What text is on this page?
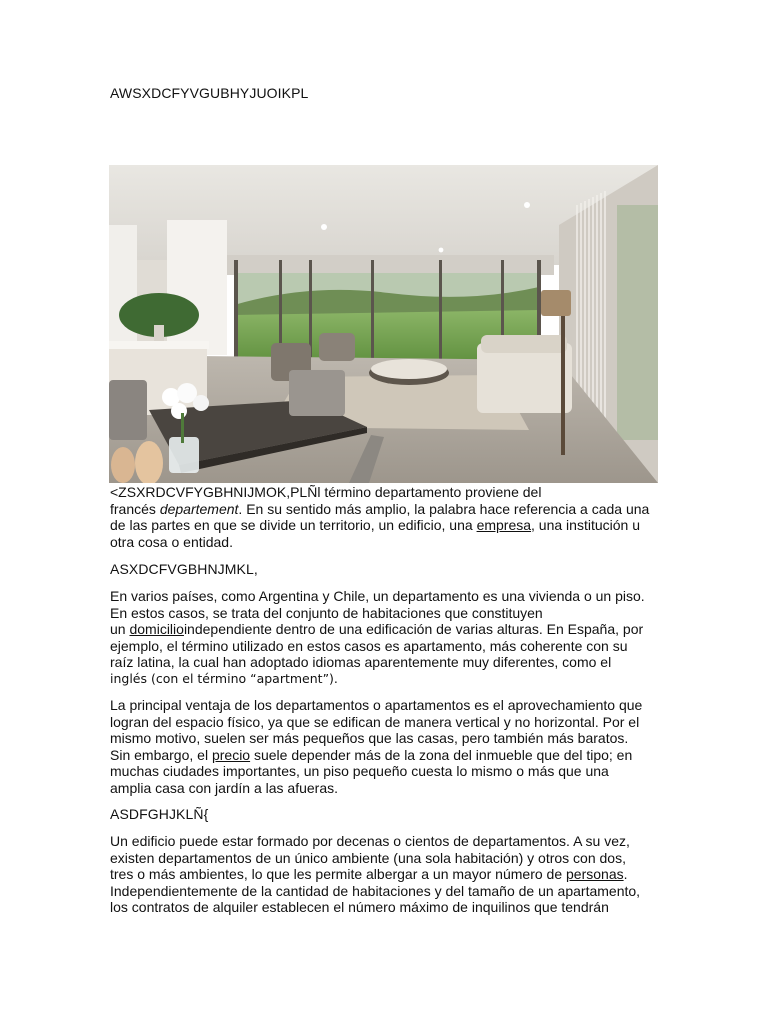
AWSXDCFYVGUBHYJUOIKPL
<ZSXRDCVFYGBHNIJMOK,PLÑl término departamento proviene del
francés departement. En su sentido más amplio, la palabra hace referencia a cada una
de las partes en que se divide un territorio, un edificio, una empresa, una institución u
otra cosa o entidad.
ASXDCFVGBHNJMKL,
En varios países, como Argentina y Chile, un departamento es una vivienda o un piso.
En estos casos, se trata del conjunto de habitaciones que constituyen
un domicilioindependiente dentro de una edificación de varias alturas. En España, por
ejemplo, el término utilizado en estos casos es apartamento, más coherente con su
raíz latina, la cual han adoptado idiomas aparentemente muy diferentes, como el
inglés (con el término “apartment”).
La principal ventaja de los departamentos o apartamentos es el aprovechamiento que
logran del espacio físico, ya que se edifican de manera vertical y no horizontal. Por el
mismo motivo, suelen ser más pequeños que las casas, pero también más baratos.
Sin embargo, el precio suele depender más de la zona del inmueble que del tipo; en
muchas ciudades importantes, un piso pequeño cuesta lo mismo o más que una
amplia casa con jardín a las afueras.
ASDFGHJKLÑ{
Un edificio puede estar formado por decenas o cientos de departamentos. A su vez,
existen departamentos de un único ambiente (una sola habitación) y otros con dos,
tres o más ambientes, lo que les permite albergar a un mayor número de personas.
Independientemente de la cantidad de habitaciones y del tamaño de un apartamento,
los contratos de alquiler establecen el número máximo de inquilinos que tendrán
